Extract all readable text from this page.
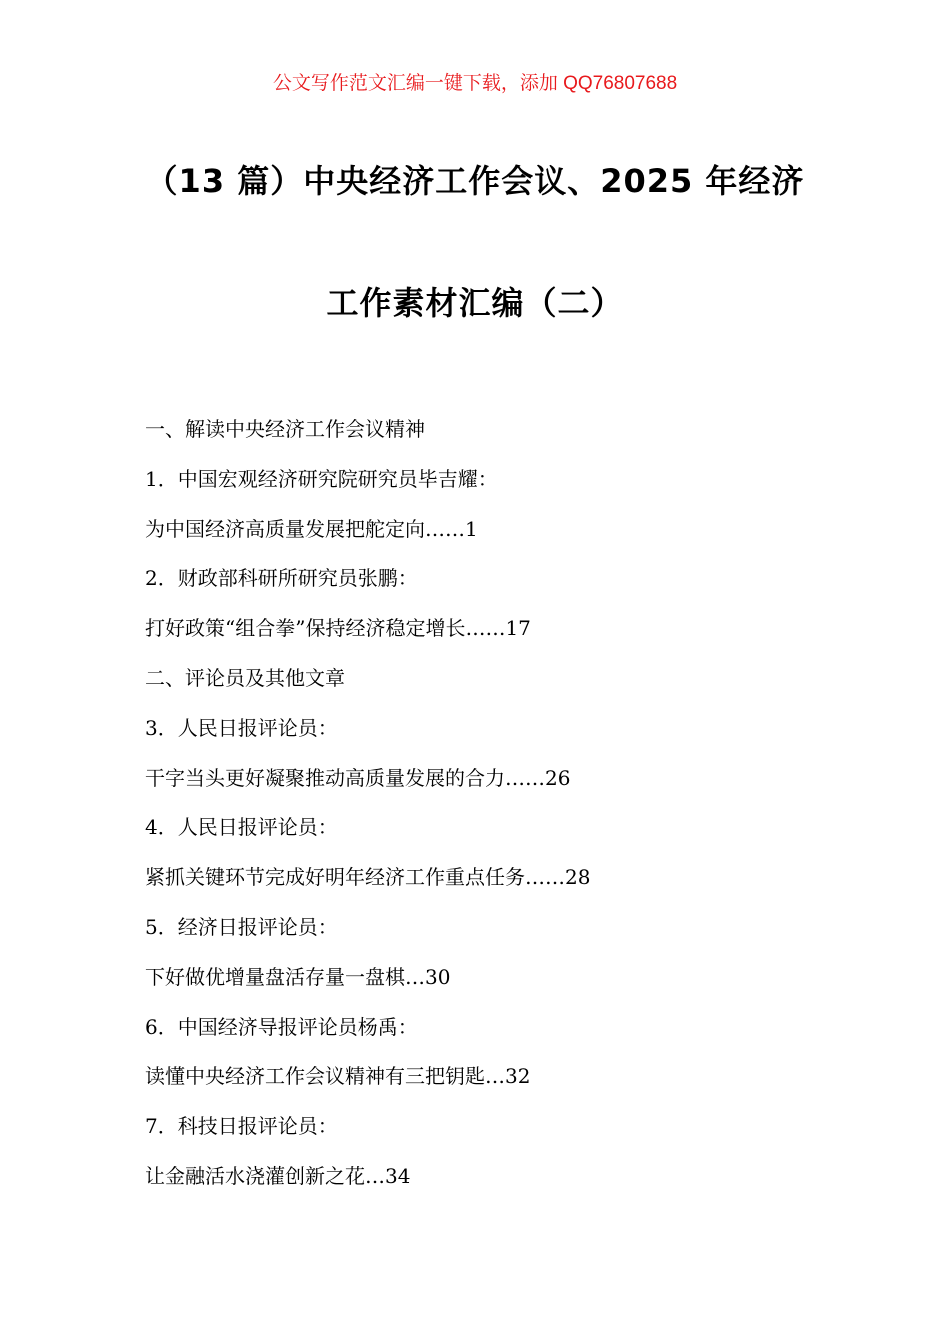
公文写作范文汇编一键下载，添加 QQ76807688
（13 篇）中央经济工作会议、2025 年经济
工作素材汇编（二）
一、解读中央经济工作会议精神
1．中国宏观经济研究院研究员毕吉耀：
为中国经济高质量发展把舵定向……1
2．财政部科研所研究员张鹏：
打好政策“组合拳”保持经济稳定增长……17
二、评论员及其他文章
3．人民日报评论员：
干字当头更好凝聚推动高质量发展的合力……26
4．人民日报评论员：
紧抓关键环节完成好明年经济工作重点任务……28
5．经济日报评论员：
下好做优增量盘活存量一盘棋…30
6．中国经济导报评论员杨禹：
读懂中央经济工作会议精神有三把钥匙…32
7．科技日报评论员：
让金融活水浇灌创新之花…34
